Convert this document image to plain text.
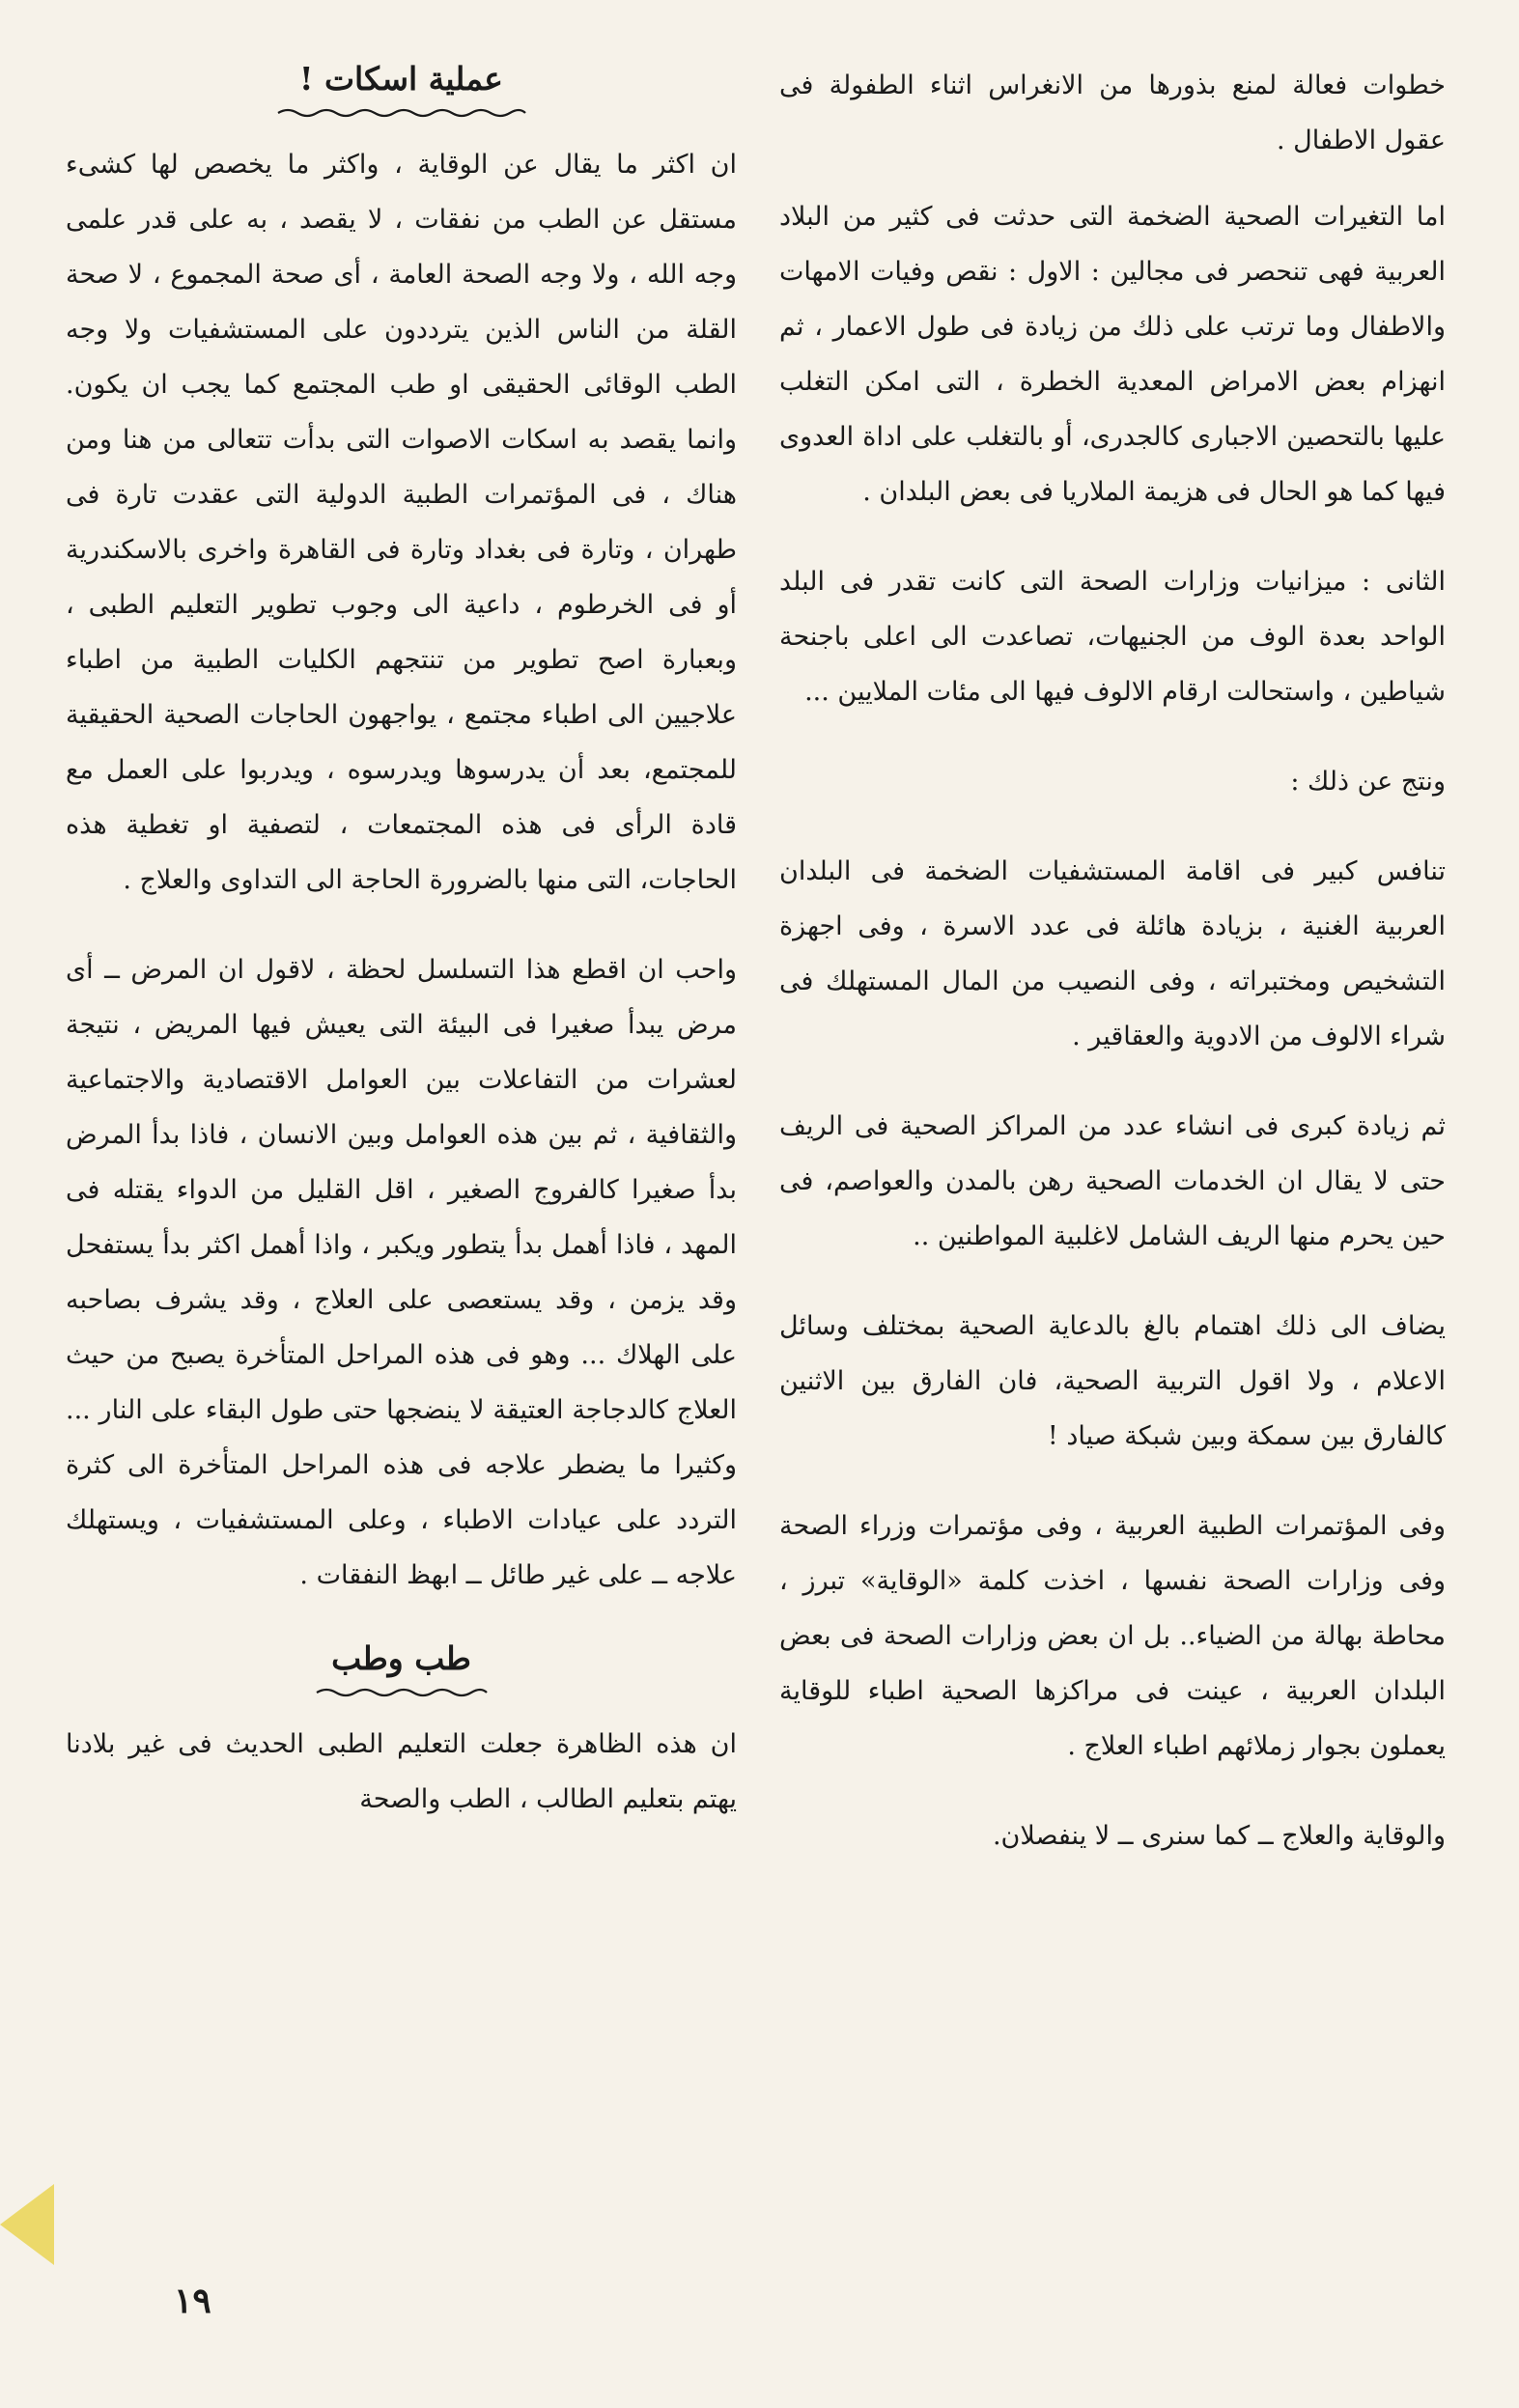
خطوات فعالة لمنع بذورها من الانغراس اثناء الطفولة فى عقول الاطفال .

اما التغيرات الصحية الضخمة التى حدثت فى كثير من البلاد العربية فهى تنحصر فى مجالين : الاول : نقص وفيات الامهات والاطفال وما ترتب على ذلك من زيادة فى طول الاعمار ، ثم انهزام بعض الامراض المعدية الخطرة ، التى امكن التغلب عليها بالتحصين الاجبارى كالجدرى، أو بالتغلب على اداة العدوى فيها كما هو الحال فى هزيمة الملاريا فى بعض البلدان .

الثانى : ميزانيات وزارات الصحة التى كانت تقدر فى البلد الواحد بعدة الوف من الجنيهات، تصاعدت الى اعلى باجنحة شياطين ، واستحالت ارقام الالوف فيها الى مئات الملايين ...

ونتج عن ذلك :

تنافس كبير فى اقامة المستشفيات الضخمة فى البلدان العربية الغنية ، بزيادة هائلة فى عدد الاسرة ، وفى اجهزة التشخيص ومختبراته ، وفى النصيب من المال المستهلك فى شراء الالوف من الادوية والعقاقير .

ثم زيادة كبرى فى انشاء عدد من المراكز الصحية فى الريف حتى لا يقال ان الخدمات الصحية رهن بالمدن والعواصم، فى حين يحرم منها الريف الشامل لاغلبية المواطنين ..

يضاف الى ذلك اهتمام بالغ بالدعاية الصحية بمختلف وسائل الاعلام ، ولا اقول التربية الصحية، فان الفارق بين الاثنين كالفارق بين سمكة وبين شبكة صياد !

وفى المؤتمرات الطبية العربية ، وفى مؤتمرات وزراء الصحة وفى وزارات الصحة نفسها ، اخذت كلمة «الوقاية» تبرز ، محاطة بهالة من الضياء.. بل ان بعض وزارات الصحة فى بعض البلدان العربية ، عينت فى مراكزها الصحية اطباء للوقاية يعملون بجوار زملائهم اطباء العلاج .

والوقاية والعلاج ــ كما سنرى ــ لا ينفصلان.

عملية اسكات !

ان اكثر ما يقال عن الوقاية ، واكثر ما يخصص لها كشىء مستقل عن الطب من نفقات ، لا يقصد ، به على قدر علمى وجه الله ، ولا وجه الصحة العامة ، أى صحة المجموع ، لا صحة القلة من الناس الذين يترددون على المستشفيات ولا وجه الطب الوقائى الحقيقى او طب المجتمع كما يجب ان يكون. وانما يقصد به اسكات الاصوات التى بدأت تتعالى من هنا ومن هناك ، فى المؤتمرات الطبية الدولية التى عقدت تارة فى طهران ، وتارة فى بغداد وتارة فى القاهرة واخرى بالاسكندرية أو فى الخرطوم ، داعية الى وجوب تطوير التعليم الطبى ، وبعبارة اصح تطوير من تنتجهم الكليات الطبية من اطباء علاجيين الى اطباء مجتمع ، يواجهون الحاجات الصحية الحقيقية للمجتمع، بعد أن يدرسوها ويدرسوه ، ويدربوا على العمل مع قادة الرأى فى هذه المجتمعات ، لتصفية او تغطية هذه الحاجات، التى منها بالضرورة الحاجة الى التداوى والعلاج .

واحب ان اقطع هذا التسلسل لحظة ، لاقول ان المرض ــ أى مرض يبدأ صغيرا فى البيئة التى يعيش فيها المريض ، نتيجة لعشرات من التفاعلات بين العوامل الاقتصادية والاجتماعية والثقافية ، ثم بين هذه العوامل وبين الانسان ، فاذا بدأ المرض بدأ صغيرا كالفروج الصغير ، اقل القليل من الدواء يقتله فى المهد ، فاذا أهمل بدأ يتطور ويكبر ، واذا أهمل اكثر بدأ يستفحل وقد يزمن ، وقد يستعصى على العلاج ، وقد يشرف بصاحبه على الهلاك ... وهو فى هذه المراحل المتأخرة يصبح من حيث العلاج كالدجاجة العتيقة لا ينضجها حتى طول البقاء على النار ... وكثيرا ما يضطر علاجه فى هذه المراحل المتأخرة الى كثرة التردد على عيادات الاطباء ، وعلى المستشفيات ، ويستهلك علاجه ــ على غير طائل ــ ابهظ النفقات .

طب وطب

ان هذه الظاهرة جعلت التعليم الطبى الحديث فى غير بلادنا يهتم بتعليم الطالب ، الطب والصحة

١٩
